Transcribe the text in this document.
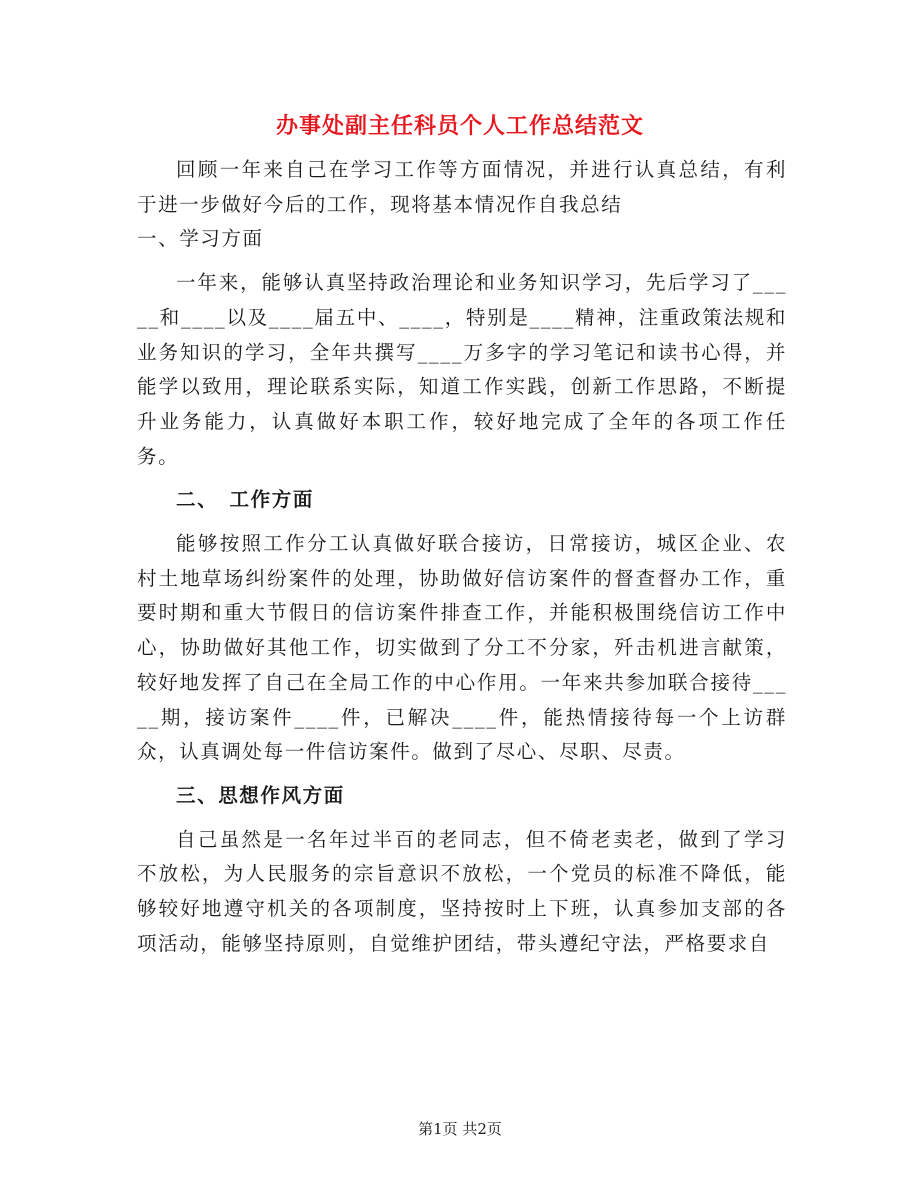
办事处副主任科员个人工作总结范文

回顾一年来自己在学习工作等方面情况，并进行认真总结，有利于进一步做好今后的工作，现将基本情况作自我总结

一、学习方面

一年来，能够认真坚持政治理论和业务知识学习，先后学习了_____和____以及____届五中、____，特别是____精神，注重政策法规和业务知识的学习，全年共撰写____万多字的学习笔记和读书心得，并能学以致用，理论联系实际，知道工作实践，创新工作思路，不断提升业务能力，认真做好本职工作，较好地完成了全年的各项工作任务。

二、　工作方面

能够按照工作分工认真做好联合接访，日常接访，城区企业、农村土地草场纠纷案件的处理，协助做好信访案件的督查督办工作，重要时期和重大节假日的信访案件排查工作，并能积极围绕信访工作中心，协助做好其他工作，切实做到了分工不分家，歼击机进言献策，较好地发挥了自己在全局工作的中心作用。一年来共参加联合接待_____期，接访案件____件，已解决____件，能热情接待每一个上访群众，认真调处每一件信访案件。做到了尽心、尽职、尽责。

三、思想作风方面

自己虽然是一名年过半百的老同志，但不倚老卖老，做到了学习不放松，为人民服务的宗旨意识不放松，一个党员的标准不降低，能够较好地遵守机关的各项制度，坚持按时上下班，认真参加支部的各项活动，能够坚持原则，自觉维护团结，带头遵纪守法，严格要求自

第1页 共2页
